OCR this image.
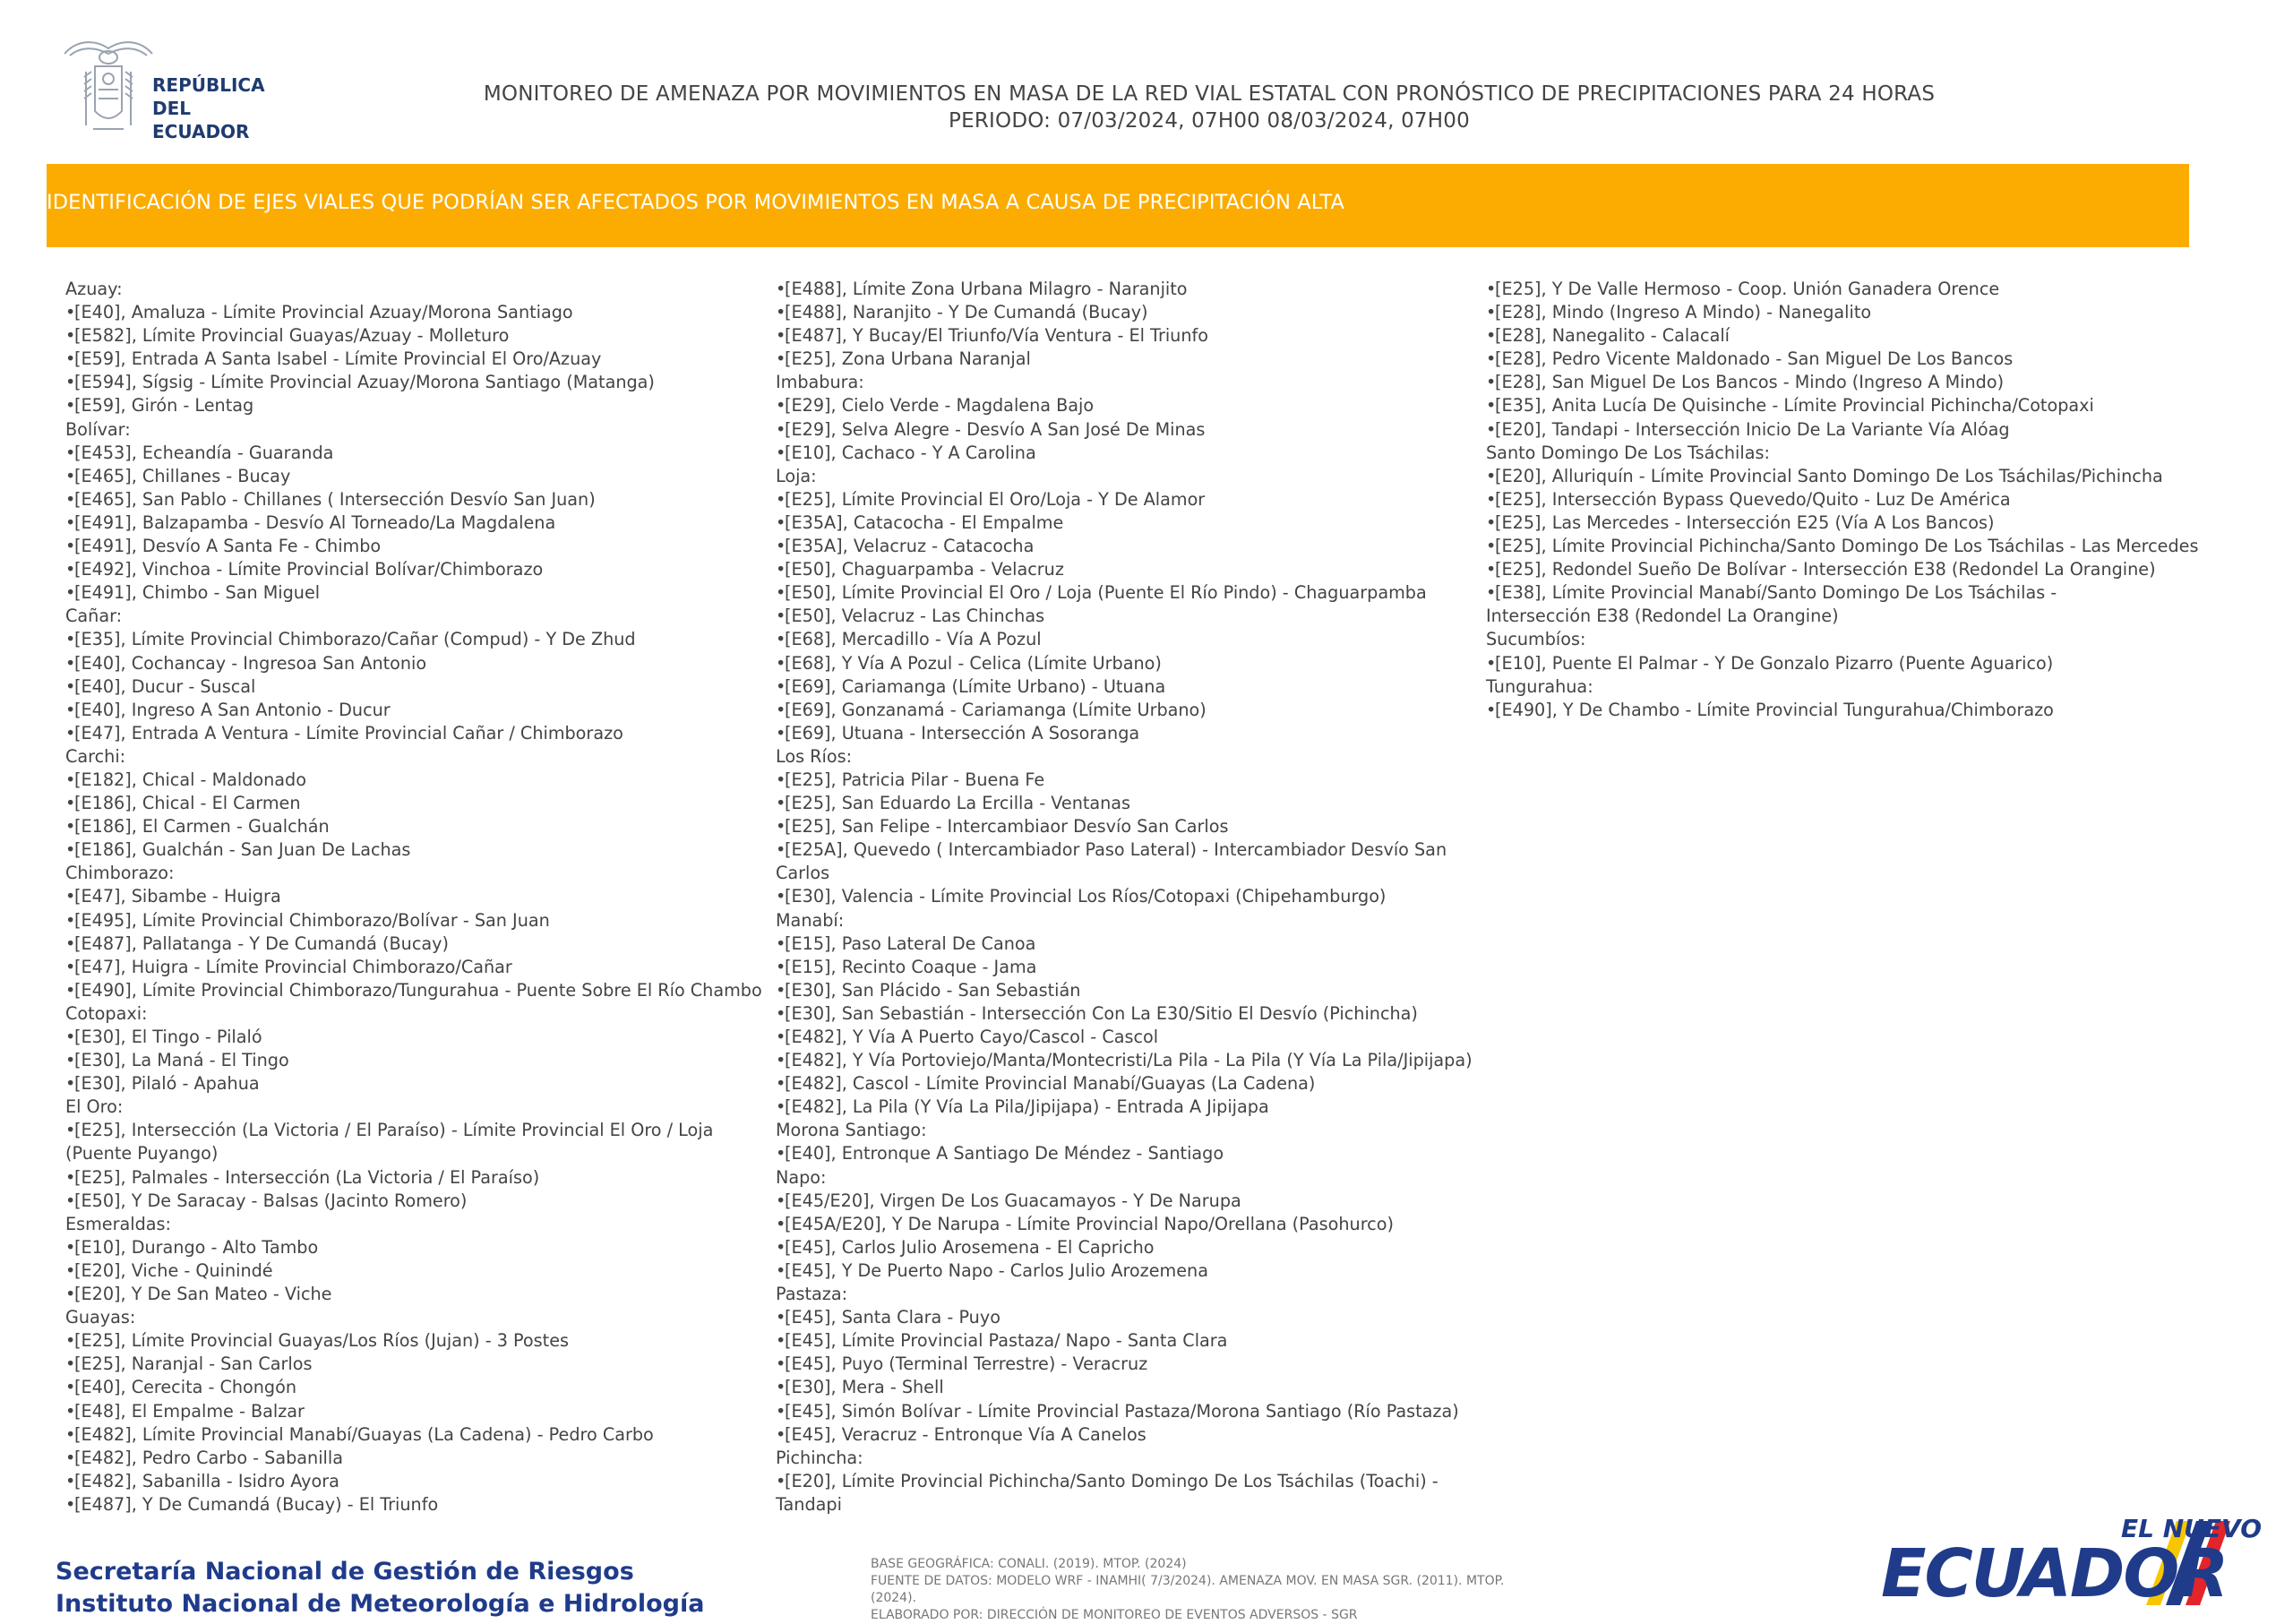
REPÚBLICA
DEL ECUADOR
MONITOREO DE AMENAZA POR MOVIMIENTOS EN MASA DE LA RED VIAL ESTATAL CON PRONÓSTICO DE PRECIPITACIONES PARA 24 HORAS
PERIODO: 07/03/2024, 07H00 08/03/2024, 07H00
IDENTIFICACIÓN DE EJES VIALES QUE PODRÍAN SER AFECTADOS POR MOVIMIENTOS EN MASA A CAUSA DE PRECIPITACIÓN ALTA
Azuay:
•[E40], Amaluza - Límite Provincial Azuay/Morona Santiago
•[E582], Límite Provincial Guayas/Azuay - Molleturo
•[E59], Entrada A Santa Isabel - Límite Provincial El Oro/Azuay
•[E594], Sígsig - Límite Provincial Azuay/Morona Santiago (Matanga)
•[E59], Girón - Lentag
Bolívar:
•[E453], Echeandía - Guaranda
•[E465], Chillanes - Bucay
•[E465], San Pablo - Chillanes ( Intersección Desvío San Juan)
•[E491], Balzapamba - Desvío Al Torneado/La Magdalena
•[E491], Desvío A Santa Fe - Chimbo
•[E492], Vinchoa - Límite Provincial Bolívar/Chimborazo
•[E491], Chimbo - San Miguel
Cañar:
•[E35], Límite Provincial Chimborazo/Cañar (Compud) - Y De Zhud
•[E40], Cochancay - Ingresoa San Antonio
•[E40], Ducur - Suscal
•[E40], Ingreso A San Antonio - Ducur
•[E47], Entrada A Ventura - Límite Provincial Cañar / Chimborazo
Carchi:
•[E182], Chical - Maldonado
•[E186], Chical - El Carmen
•[E186], El Carmen - Gualchán
•[E186], Gualchán - San Juan De Lachas
Chimborazo:
•[E47], Sibambe - Huigra
•[E495], Límite Provincial Chimborazo/Bolívar - San Juan
•[E487], Pallatanga - Y De Cumandá (Bucay)
•[E47], Huigra - Límite Provincial Chimborazo/Cañar
•[E490], Límite Provincial Chimborazo/Tungurahua - Puente Sobre El Río Chambo
Cotopaxi:
•[E30], El Tingo - Pilaló
•[E30], La Maná - El Tingo
•[E30], Pilaló - Apahua
El Oro:
•[E25], Intersección (La Victoria / El Paraíso) - Límite Provincial El Oro / Loja (Puente Puyango)
•[E25], Palmales - Intersección (La Victoria / El Paraíso)
•[E50], Y De Saracay - Balsas (Jacinto Romero)
Esmeraldas:
•[E10], Durango - Alto Tambo
•[E20], Viche - Quinindé
•[E20], Y De San Mateo - Viche
Guayas:
•[E25], Límite Provincial Guayas/Los Ríos (Jujan) - 3 Postes
•[E25], Naranjal - San Carlos
•[E40], Cerecita - Chongón
•[E48], El Empalme - Balzar
•[E482], Límite Provincial Manabí/Guayas (La Cadena) - Pedro Carbo
•[E482], Pedro Carbo - Sabanilla
•[E482], Sabanilla - Isidro Ayora
•[E487], Y De Cumandá (Bucay) - El Triunfo
•[E488], Límite Zona Urbana Milagro - Naranjito
•[E488], Naranjito - Y De Cumandá (Bucay)
•[E487], Y Bucay/El Triunfo/Vía Ventura - El Triunfo
•[E25], Zona Urbana Naranjal
Imbabura:
•[E29], Cielo Verde - Magdalena Bajo
•[E29], Selva Alegre - Desvío A San José De Minas
•[E10], Cachaco - Y A Carolina
Loja:
•[E25], Límite Provincial El Oro/Loja - Y De Alamor
•[E35A], Catacocha - El Empalme
•[E35A], Velacruz - Catacocha
•[E50], Chaguarpamba - Velacruz
•[E50], Límite Provincial El Oro / Loja (Puente El Río Pindo) - Chaguarpamba
•[E50], Velacruz - Las Chinchas
•[E68], Mercadillo - Vía A Pozul
•[E68], Y Vía A Pozul - Celica (Límite Urbano)
•[E69], Cariamanga (Límite Urbano) - Utuana
•[E69], Gonzanamá - Cariamanga (Límite Urbano)
•[E69], Utuana - Intersección A Sosoranga
Los Ríos:
•[E25], Patricia Pilar - Buena Fe
•[E25], San Eduardo La Ercilla - Ventanas
•[E25], San Felipe - Intercambiaor Desvío San Carlos
•[E25A], Quevedo ( Intercambiador Paso Lateral) - Intercambiador Desvío San Carlos
•[E30], Valencia - Límite Provincial Los Ríos/Cotopaxi (Chipehamburgo)
Manabí:
•[E15], Paso Lateral De Canoa
•[E15], Recinto Coaque - Jama
•[E30], San Plácido - San Sebastián
•[E30], San Sebastián - Intersección Con La E30/Sitio El Desvío (Pichincha)
•[E482], Y Vía A Puerto Cayo/Cascol - Cascol
•[E482], Y Vía Portoviejo/Manta/Montecristi/La Pila - La Pila (Y Vía La Pila/Jipijapa)
•[E482], Cascol - Límite Provincial Manabí/Guayas (La Cadena)
•[E482], La Pila (Y Vía La Pila/Jipijapa) - Entrada A Jipijapa
Morona Santiago:
•[E40], Entronque A Santiago De Méndez - Santiago
Napo:
•[E45/E20], Virgen De Los Guacamayos - Y De Narupa
•[E45A/E20], Y De Narupa - Límite Provincial Napo/Orellana (Pasohurco)
•[E45], Carlos Julio Arosemena - El Capricho
•[E45], Y De Puerto Napo - Carlos Julio Arozemena
Pastaza:
•[E45], Santa Clara - Puyo
•[E45], Límite Provincial Pastaza/ Napo - Santa Clara
•[E45], Puyo (Terminal Terrestre) - Veracruz
•[E30], Mera - Shell
•[E45], Simón Bolívar - Límite Provincial Pastaza/Morona Santiago (Río Pastaza)
•[E45], Veracruz - Entronque Vía A Canelos
Pichincha:
•[E20], Límite Provincial Pichincha/Santo Domingo De Los Tsáchilas (Toachi) - Tandapi
•[E25], Y De Valle Hermoso - Coop. Unión Ganadera Orence
•[E28], Mindo (Ingreso A Mindo) - Nanegalito
•[E28], Nanegalito - Calacalí
•[E28], Pedro Vicente Maldonado - San Miguel De Los Bancos
•[E28], San Miguel De Los Bancos - Mindo (Ingreso A Mindo)
•[E35], Anita Lucía De Quisinche - Límite Provincial Pichincha/Cotopaxi
•[E20], Tandapi - Intersección Inicio De La Variante Vía Alóag
Santo Domingo De Los Tsáchilas:
•[E20], Alluriquín - Límite Provincial Santo Domingo De Los Tsáchilas/Pichincha
•[E25], Intersección Bypass Quevedo/Quito - Luz De América
•[E25], Las Mercedes - Intersección E25 (Vía A Los Bancos)
•[E25], Límite Provincial Pichincha/Santo Domingo De Los Tsáchilas - Las Mercedes
•[E25], Redondel Sueño De Bolívar - Intersección E38 (Redondel La Orangine)
•[E38], Límite Provincial Manabí/Santo Domingo De Los Tsáchilas - Intersección E38 (Redondel La Orangine)
Sucumbíos:
•[E10], Puente El Palmar - Y De Gonzalo Pizarro (Puente Aguarico)
Tungurahua:
•[E490], Y De Chambo - Límite Provincial Tungurahua/Chimborazo
Secretaría Nacional de Gestión de Riesgos
Instituto Nacional de Meteorología e Hidrología
BASE GEOGRÁFICA: CONALI. (2019). MTOP. (2024)
FUENTE DE DATOS: MODELO WRF - INAMHI( 7/3/2024). AMENAZA MOV. EN MASA SGR. (2011). MTOP. (2024).
ELABORADO POR: DIRECCIÓN DE MONITOREO DE EVENTOS ADVERSOS - SGR
EL NUEVO
ECUADOR
